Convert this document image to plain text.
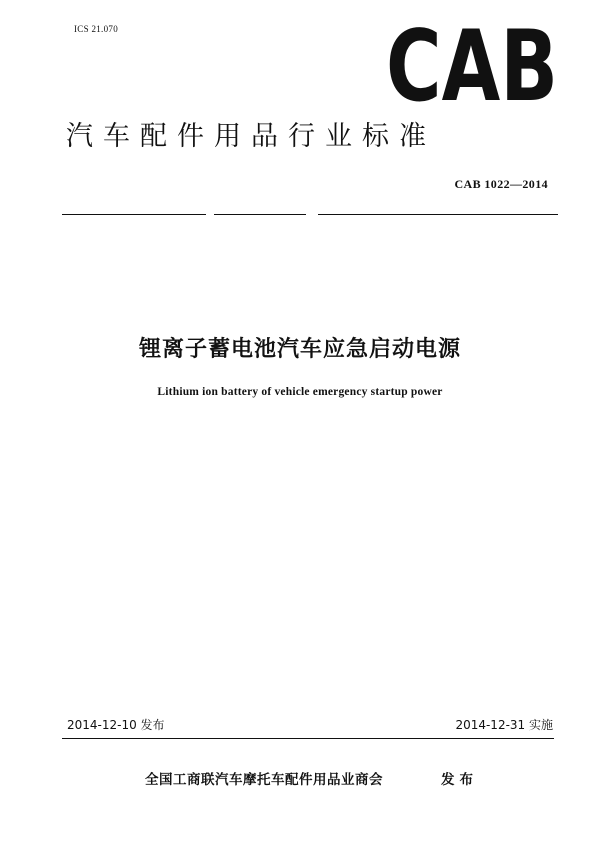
ICS 21.070	CAB
汽车配件用品行业标准
CAB 1022—2014
锂离子蓄电池汽车应急启动电源
Lithium ion battery of vehicle emergency startup power
2014-12-10 发布	2014-12-31 实施
全国工商联汽车摩托车配件用品业商会	发布
